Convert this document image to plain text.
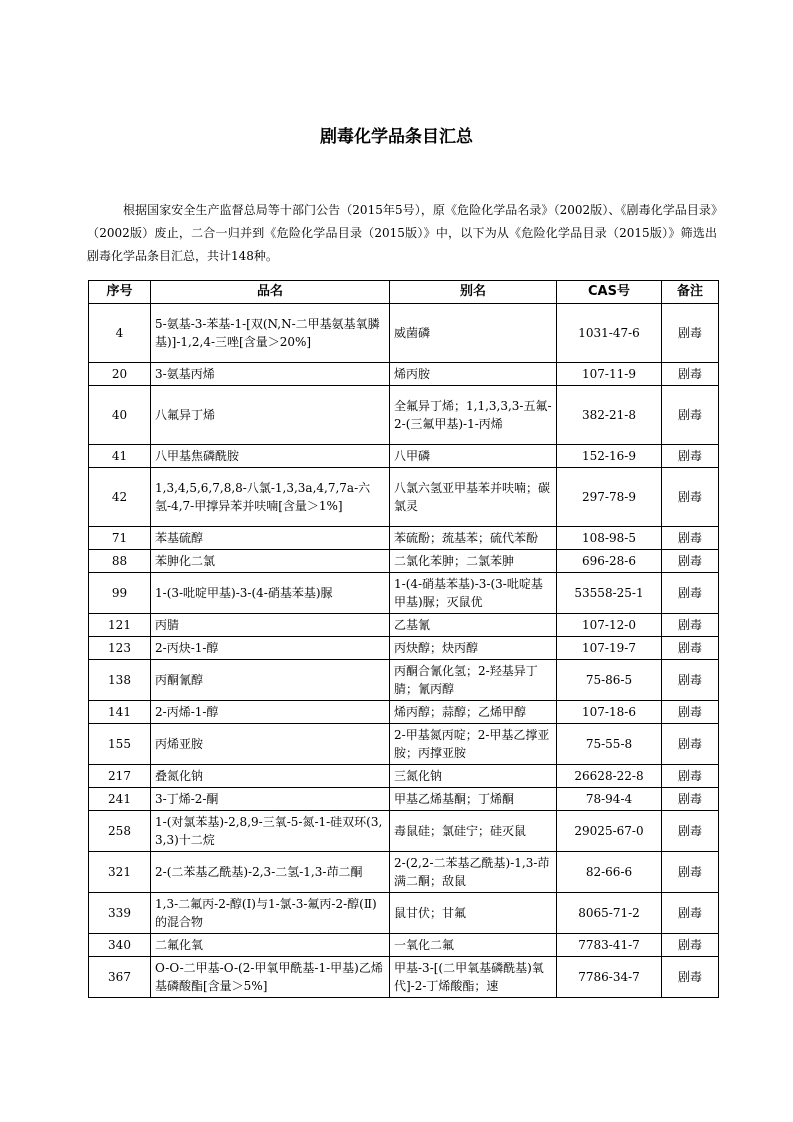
剧毒化学品条目汇总
根据国家安全生产监督总局等十部门公告（2015年5号），原《危险化学品名录》（2002版）、《剧毒化学品目录》（2002版）废止，二合一归并到《危险化学品目录（2015版）》中，以下为从《危险化学品目录（2015版）》筛选出剧毒化学品条目汇总，共计148种。
序号	品名	别名	CAS号	备注
4	5-氨基-3-苯基-1-[双(N,N-二甲基氨基氧膦基)]-1,2,4-三唑[含量＞20%]	威菌磷	1031-47-6	剧毒
20	3-氨基丙烯	烯丙胺	107-11-9	剧毒
40	八氟异丁烯	全氟异丁烯；1,1,3,3,3-五氟-2-(三氟甲基)-1-丙烯	382-21-8	剧毒
41	八甲基焦磷酰胺	八甲磷	152-16-9	剧毒
42	1,3,4,5,6,7,8,8-八氯-1,3,3a,4,7,7a-六氢-4,7-甲撑异苯并呋喃[含量＞1%]	八氯六氢亚甲基苯并呋喃；碳氯灵	297-78-9	剧毒
71	苯基硫醇	苯硫酚；巯基苯；硫代苯酚	108-98-5	剧毒
88	苯胂化二氯	二氯化苯胂；二氯苯胂	696-28-6	剧毒
99	1-(3-吡啶甲基)-3-(4-硝基苯基)脲	1-(4-硝基苯基)-3-(3-吡啶基甲基)脲；灭鼠优	53558-25-1	剧毒
121	丙腈	乙基氰	107-12-0	剧毒
123	2-丙炔-1-醇	丙炔醇；炔丙醇	107-19-7	剧毒
138	丙酮氰醇	丙酮合氰化氢；2-羟基异丁腈；氰丙醇	75-86-5	剧毒
141	2-丙烯-1-醇	烯丙醇；蒜醇；乙烯甲醇	107-18-6	剧毒
155	丙烯亚胺	2-甲基氮丙啶；2-甲基乙撑亚胺；丙撑亚胺	75-55-8	剧毒
217	叠氮化钠	三氮化钠	26628-22-8	剧毒
241	3-丁烯-2-酮	甲基乙烯基酮；丁烯酮	78-94-4	剧毒
258	1-(对氯苯基)-2,8,9-三氧-5-氮-1-硅双环(3,3,3)十二烷	毒鼠硅；氯硅宁；硅灭鼠	29025-67-0	剧毒
321	2-(二苯基乙酰基)-2,3-二氢-1,3-茚二酮	2-(2,2-二苯基乙酰基)-1,3-茚满二酮；敌鼠	82-66-6	剧毒
339	1,3-二氟丙-2-醇(Ⅰ)与1-氯-3-氟丙-2-醇(Ⅱ)的混合物	鼠甘伏；甘氟	8065-71-2	剧毒
340	二氟化氧	一氧化二氟	7783-41-7	剧毒
367	O-O-二甲基-O-(2-甲氧甲酰基-1-甲基)乙烯基磷酸酯[含量＞5%]	甲基-3-[(二甲氧基磷酰基)氧代]-2-丁烯酸酯；速	7786-34-7	剧毒
